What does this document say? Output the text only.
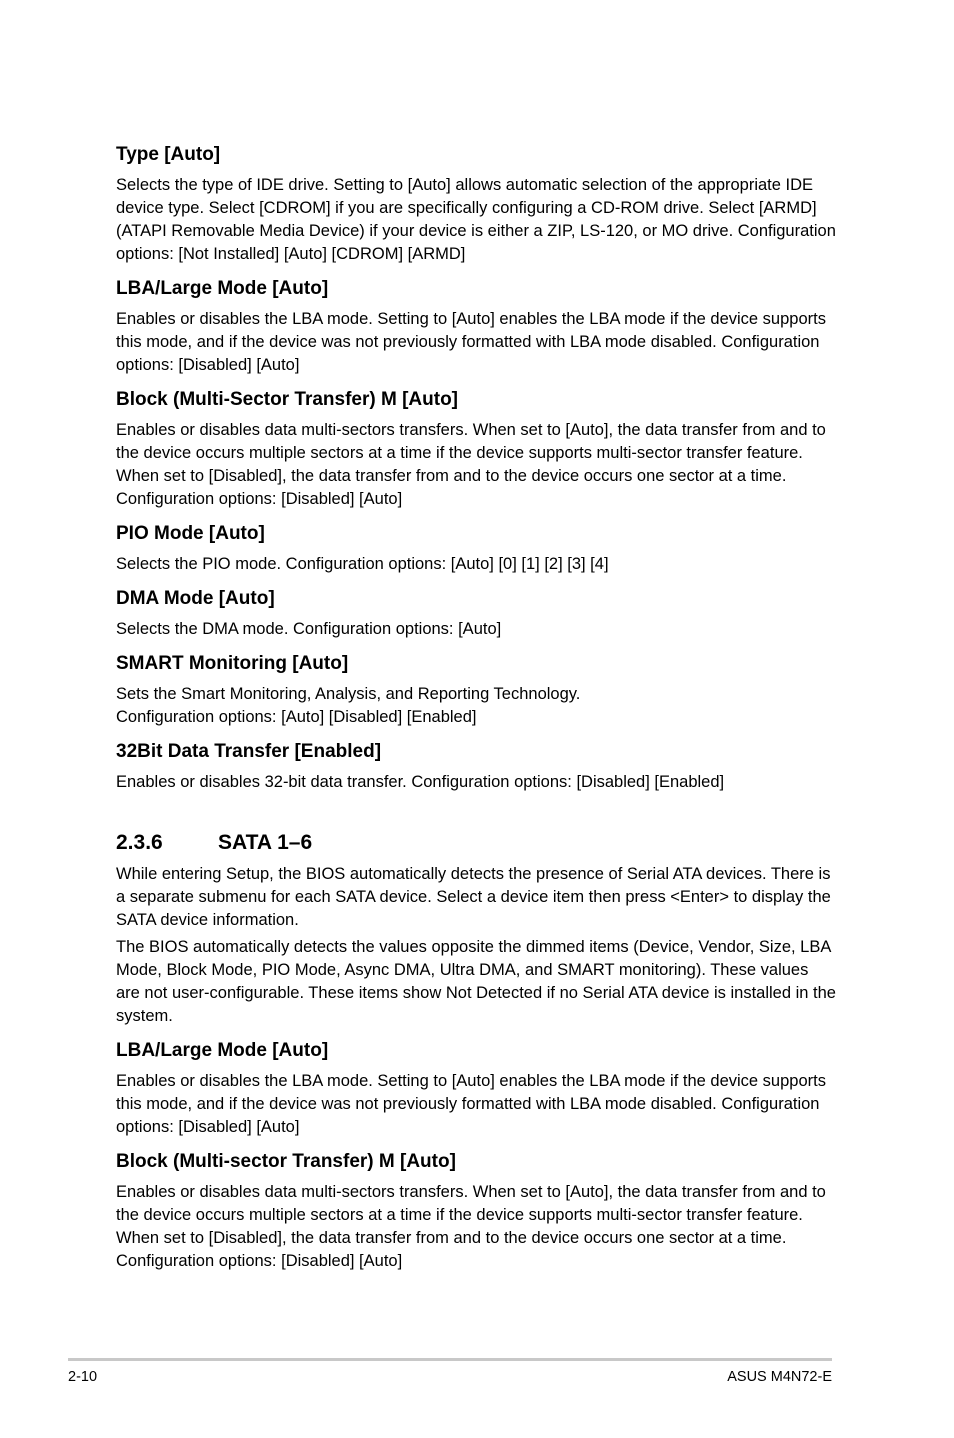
Type [Auto]

Selects the type of IDE drive. Setting to [Auto] allows automatic selection of the appropriate IDE device type. Select [CDROM] if you are specifically configuring a CD-ROM drive. Select [ARMD] (ATAPI Removable Media Device) if your device is either a ZIP, LS-120, or MO drive. Configuration options: [Not Installed] [Auto] [CDROM] [ARMD]

LBA/Large Mode [Auto]

Enables or disables the LBA mode. Setting to [Auto] enables the LBA mode if the device supports this mode, and if the device was not previously formatted with LBA mode disabled. Configuration options: [Disabled] [Auto]

Block (Multi-Sector Transfer) M [Auto]

Enables or disables data multi-sectors transfers. When set to [Auto], the data transfer from and to the device occurs multiple sectors at a time if the device supports multi-sector transfer feature. When set to [Disabled], the data transfer from and to the device occurs one sector at a time. Configuration options: [Disabled] [Auto]

PIO Mode [Auto]

Selects the PIO mode. Configuration options: [Auto] [0] [1] [2] [3] [4]

DMA Mode [Auto]

Selects the DMA mode. Configuration options: [Auto]

SMART Monitoring [Auto]

Sets the Smart Monitoring, Analysis, and Reporting Technology.

Configuration options: [Auto] [Disabled] [Enabled]

32Bit Data Transfer [Enabled]

Enables or disables 32-bit data transfer. Configuration options: [Disabled] [Enabled]

2.3.6	SATA 1–6

While entering Setup, the BIOS automatically detects the presence of Serial ATA devices. There is a separate submenu for each SATA device. Select a device item then press <Enter> to display the SATA device information.

The BIOS automatically detects the values opposite the dimmed items (Device, Vendor, Size, LBA Mode, Block Mode, PIO Mode, Async DMA, Ultra DMA, and SMART monitoring). These values are not user-configurable. These items show Not Detected if no Serial ATA device is installed in the system.

LBA/Large Mode [Auto]

Enables or disables the LBA mode. Setting to [Auto] enables the LBA mode if the device supports this mode, and if the device was not previously formatted with LBA mode disabled. Configuration options: [Disabled] [Auto]

Block (Multi-sector Transfer) M [Auto]

Enables or disables data multi-sectors transfers. When set to [Auto], the data transfer from and to the device occurs multiple sectors at a time if the device supports multi-sector transfer feature. When set to [Disabled], the data transfer from and to the device occurs one sector at a time. Configuration options: [Disabled] [Auto]

2-10	ASUS M4N72-E
